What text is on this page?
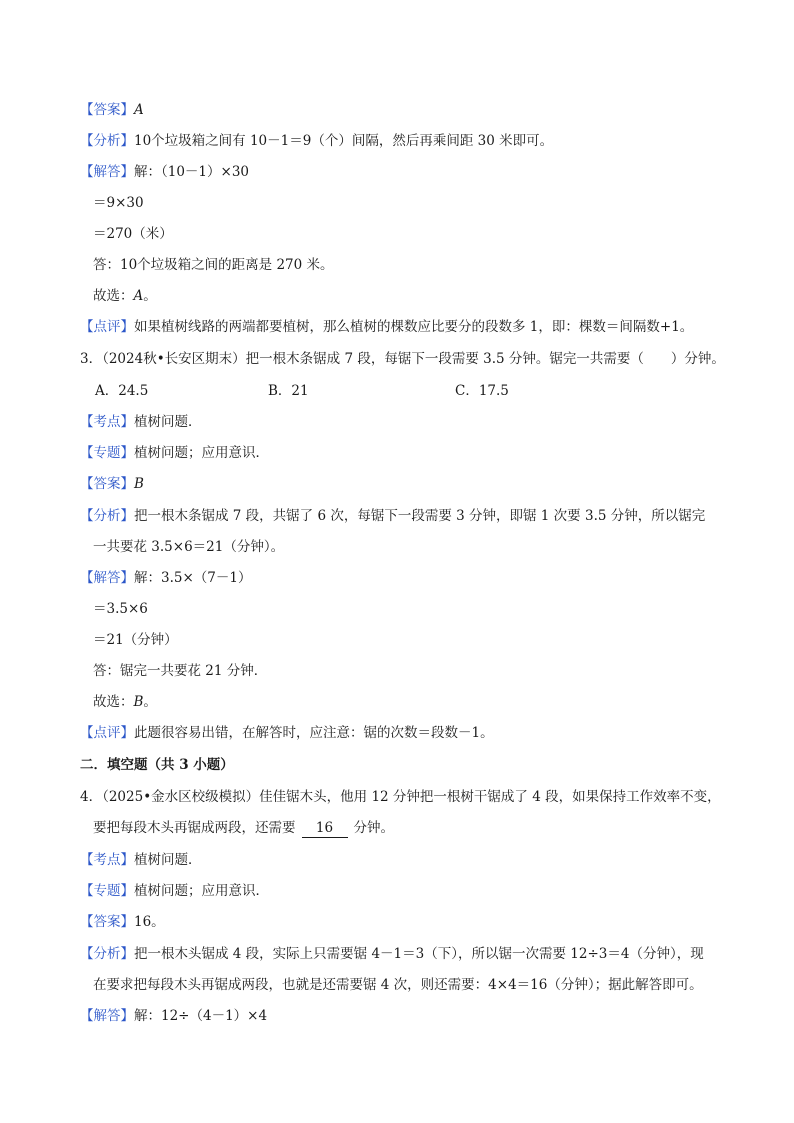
【答案】A
【分析】10个垃圾箱之间有 10－1＝9（个）间隔，然后再乘间距 30 米即可。
【解答】解：（10－1）×30
＝9×30
＝270（米）
答：10个垃圾箱之间的距离是 270 米。
故选：A。
【点评】如果植树线路的两端都要植树，那么植树的棵数应比要分的段数多 1，即：棵数＝间隔数+1。
3．（2024秋•长安区期末）把一根木条锯成 7 段，每锯下一段需要 3.5 分钟。锯完一共需要（　　）分钟。
A．24.5	B．21	C．17.5
【考点】植树问题．
【专题】植树问题；应用意识．
【答案】B
【分析】把一根木条锯成 7 段，共锯了 6 次，每锯下一段需要 3 分钟，即锯 1 次要 3.5 分钟，所以锯完
一共要花 3.5×6＝21（分钟）。
【解答】解：3.5×（7－1）
＝3.5×6
＝21（分钟）
答：锯完一共要花 21 分钟．
故选：B。
【点评】此题很容易出错，在解答时，应注意：锯的次数＝段数－1。
二．填空题（共 3 小题）
4．（2025•金水区校级模拟）佳佳锯木头，他用 12 分钟把一根树干锯成了 4 段，如果保持工作效率不变，
要把每段木头再锯成两段，还需要 16 分钟。
【考点】植树问题．
【专题】植树问题；应用意识．
【答案】16。
【分析】把一根木头锯成 4 段，实际上只需要锯 4－1＝3（下），所以锯一次需要 12÷3＝4（分钟），现
在要求把每段木头再锯成两段，也就是还需要锯 4 次，则还需要：4×4＝16（分钟）；据此解答即可。
【解答】解：12÷（4－1）×4
